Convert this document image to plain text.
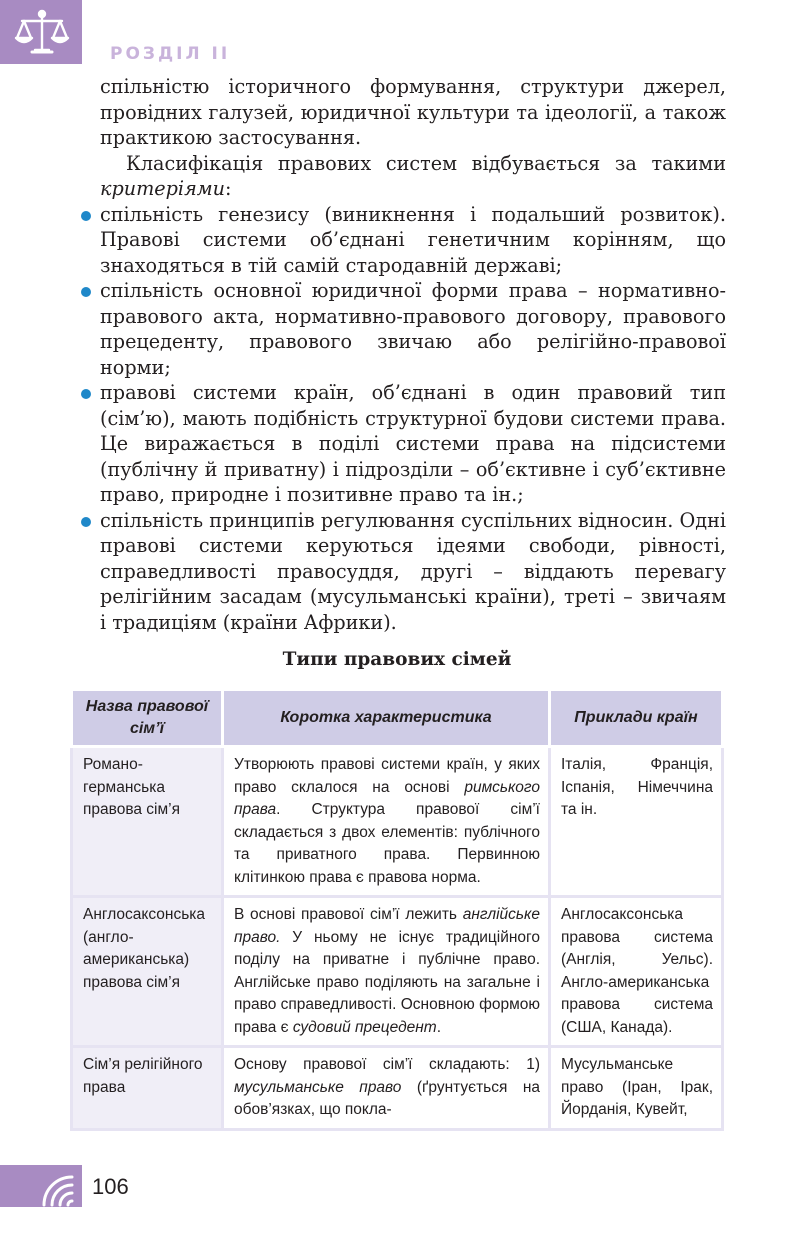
РОЗДІЛ ІІ

спільністю історичного формування, структури джерел, провідних галузей, юридичної культури та ідеології, а також практикою застосування.

Класифікація правових систем відбувається за такими критеріями:

спільність генезису (виникнення і подальший розвиток). Правові системи об’єднані генетичним корінням, що знаходяться в тій самій стародавній державі;
спільність основної юридичної форми права – нормативно-правового акта, нормативно-правового договору, правового прецеденту, правового звичаю або релігійно-правової норми;
правові системи країн, об’єднані в один правовий тип (сім’ю), мають подібність структурної будови системи права. Це виражається в поділі системи права на підсистеми (публічну й приватну) і підрозділи – об’єктивне і суб’єктивне право, природне і позитивне право та ін.;
спільність принципів регулювання суспільних відносин. Одні правові системи керуються ідеями свободи, рівності, справедливості правосуддя, другі – віддають перевагу релігійним засадам (мусульманські країни), треті – звичаям і традиціям (країни Африки).
Типи правових сімей
Назва правової сім’ї	Коротка характеристика	Приклади країн
Романо-германська правова сім’я	Утворюють правові системи країн, у яких право склалося на основі римського права. Структура правової сім’ї складається з двох елементів: публічного та приватного права. Первинною клітинкою права є правова норма.	Італія, Франція, Іспанія, Німеччина та ін.
Англосаксонська (англо-американська) правова сім’я	В основі правової сім’ї лежить англійське право. У ньому не існує традиційного поділу на приватне і публічне право. Англійське право поділяють на загальне і право справедливості. Основною формою права є судовий прецедент.	Англосаксонська правова система (Англія, Уельс). Англо-американська правова система (США, Канада).
Сім’я релігійного права	Основу правової сім’ї складають: 1) мусульманське право (ґрунтується на обов’язках, що покла-	Мусульманське право (Іран, Ірак, Йорданія, Кувейт,
106
